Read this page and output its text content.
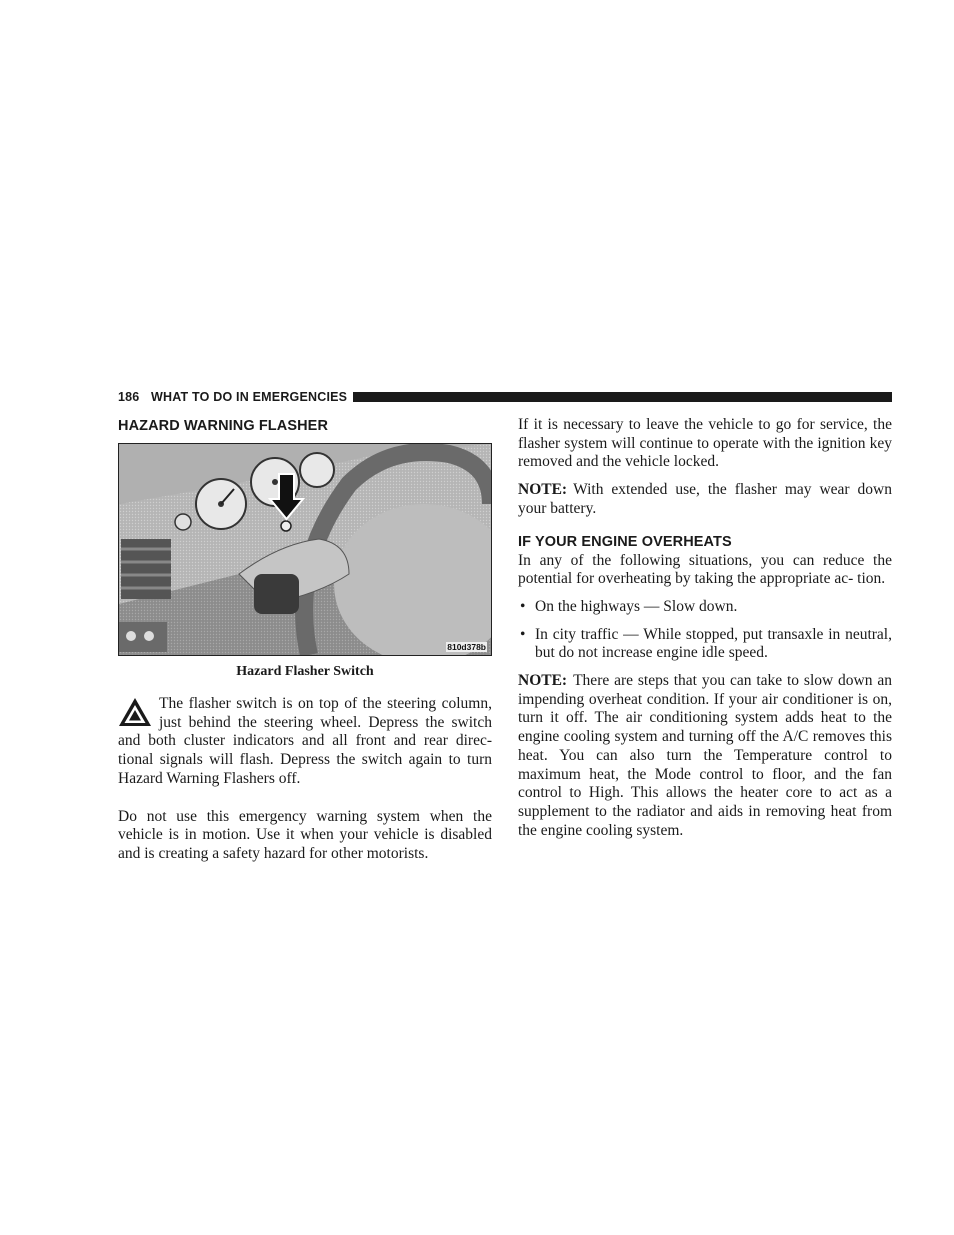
186 WHAT TO DO IN EMERGENCIES
HAZARD WARNING FLASHER
810d378b
Hazard Flasher Switch

The flasher switch is on top of the steering column, just behind the steering wheel. Depress the switch and both cluster indicators and all front and rear direc- tional signals will flash. Depress the switch again to turn Hazard Warning Flashers off.

Do not use this emergency warning system when the vehicle is in motion. Use it when your vehicle is disabled and is creating a safety hazard for other motorists.

If it is necessary to leave the vehicle to go for service, the flasher system will continue to operate with the ignition key removed and the vehicle locked.

NOTE: With extended use, the flasher may wear down your battery.

IF YOUR ENGINE OVERHEATS

In any of the following situations, you can reduce the potential for overheating by taking the appropriate ac- tion.

• On the highways — Slow down.
• In city traffic — While stopped, put transaxle in neutral, but do not increase engine idle speed.

NOTE: There are steps that you can take to slow down an impending overheat condition. If your air conditioner is on, turn it off. The air conditioning system adds heat to the engine cooling system and turning off the A/C removes this heat. You can also turn the Temperature control to maximum heat, the Mode control to floor, and the fan control to High. This allows the heater core to act as a supplement to the radiator and aids in removing heat from the engine cooling system.
